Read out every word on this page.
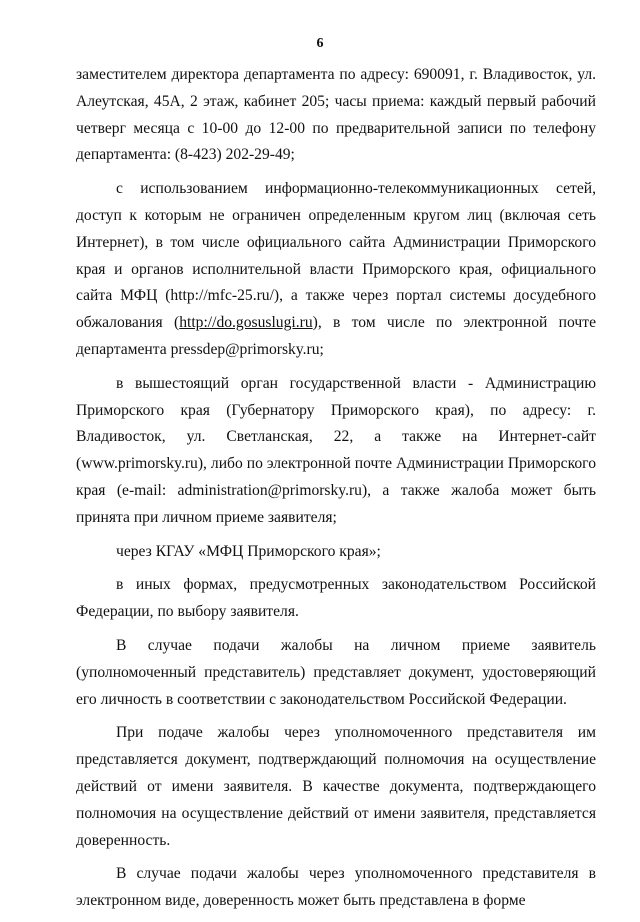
6

заместителем директора департамента по адресу: 690091, г. Владивосток, ул. Алеутская, 45А, 2 этаж, кабинет 205; часы приема: каждый первый рабочий четверг месяца с 10-00 до 12-00 по предварительной записи по телефону департамента: (8-423) 202-29-49;

с использованием информационно-телекоммуникационных сетей, доступ к которым не ограничен определенным кругом лиц (включая сеть Интернет), в том числе официального сайта Администрации Приморского края и органов исполнительной власти Приморского края, официального сайта МФЦ (http://mfc-25.ru/), а также через портал системы досудебного обжалования (http://do.gosuslugi.ru), в том числе по электронной почте департамента pressdep@primorsky.ru;

в вышестоящий орган государственной власти - Администрацию Приморского края (Губернатору Приморского края), по адресу: г. Владивосток, ул. Светланская, 22, а также на Интернет-сайт (www.primorsky.ru), либо по электронной почте Администрации Приморского края (e-mail: administration@primorsky.ru), а также жалоба может быть принята при личном приеме заявителя;

через КГАУ «МФЦ Приморского края»;

в иных формах, предусмотренных законодательством Российской Федерации, по выбору заявителя.

В случае подачи жалобы на личном приеме заявитель (уполномоченный представитель) представляет документ, удостоверяющий его личность в соответствии с законодательством Российской Федерации.

При подаче жалобы через уполномоченного представителя им представляется документ, подтверждающий полномочия на осуществление действий от имени заявителя. В качестве документа, подтверждающего полномочия на осуществление действий от имени заявителя, представляется доверенность.

В случае подачи жалобы через уполномоченного представителя в электронном виде, доверенность может быть представлена в форме
